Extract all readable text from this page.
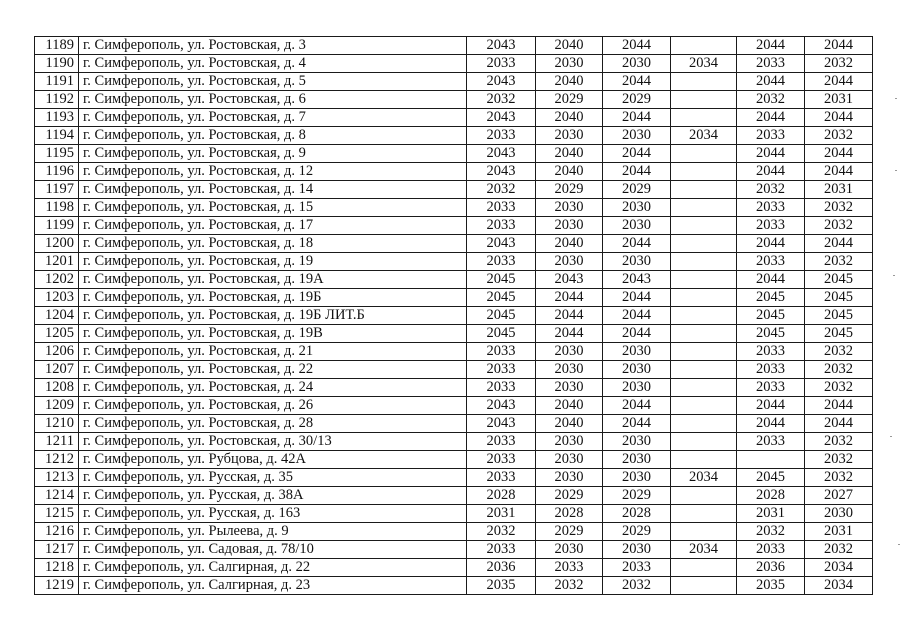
1189	г. Симферополь, ул. Ростовская, д. 3	2043	2040	2044		2044	2044
1190	г. Симферополь, ул. Ростовская, д. 4	2033	2030	2030	2034	2033	2032
1191	г. Симферополь, ул. Ростовская, д. 5	2043	2040	2044		2044	2044
1192	г. Симферополь, ул. Ростовская, д. 6	2032	2029	2029		2032	2031
1193	г. Симферополь, ул. Ростовская, д. 7	2043	2040	2044		2044	2044
1194	г. Симферополь, ул. Ростовская, д. 8	2033	2030	2030	2034	2033	2032
1195	г. Симферополь, ул. Ростовская, д. 9	2043	2040	2044		2044	2044
1196	г. Симферополь, ул. Ростовская, д. 12	2043	2040	2044		2044	2044
1197	г. Симферополь, ул. Ростовская, д. 14	2032	2029	2029		2032	2031
1198	г. Симферополь, ул. Ростовская, д. 15	2033	2030	2030		2033	2032
1199	г. Симферополь, ул. Ростовская, д. 17	2033	2030	2030		2033	2032
1200	г. Симферополь, ул. Ростовская, д. 18	2043	2040	2044		2044	2044
1201	г. Симферополь, ул. Ростовская, д. 19	2033	2030	2030		2033	2032
1202	г. Симферополь, ул. Ростовская, д. 19А	2045	2043	2043		2044	2045
1203	г. Симферополь, ул. Ростовская, д. 19Б	2045	2044	2044		2045	2045
1204	г. Симферополь, ул. Ростовская, д. 19Б ЛИТ.Б	2045	2044	2044		2045	2045
1205	г. Симферополь, ул. Ростовская, д. 19В	2045	2044	2044		2045	2045
1206	г. Симферополь, ул. Ростовская, д. 21	2033	2030	2030		2033	2032
1207	г. Симферополь, ул. Ростовская, д. 22	2033	2030	2030		2033	2032
1208	г. Симферополь, ул. Ростовская, д. 24	2033	2030	2030		2033	2032
1209	г. Симферополь, ул. Ростовская, д. 26	2043	2040	2044		2044	2044
1210	г. Симферополь, ул. Ростовская, д. 28	2043	2040	2044		2044	2044
1211	г. Симферополь, ул. Ростовская, д. 30/13	2033	2030	2030		2033	2032
1212	г. Симферополь, ул. Рубцова, д. 42А	2033	2030	2030			2032
1213	г. Симферополь, ул. Русская, д. 35	2033	2030	2030	2034	2045	2032
1214	г. Симферополь, ул. Русская, д. 38А	2028	2029	2029		2028	2027
1215	г. Симферополь, ул. Русская, д. 163	2031	2028	2028		2031	2030
1216	г. Симферополь, ул. Рылеева, д. 9	2032	2029	2029		2032	2031
1217	г. Симферополь, ул. Садовая, д. 78/10	2033	2030	2030	2034	2033	2032
1218	г. Симферополь, ул. Салгирная, д. 22	2036	2033	2033		2036	2034
1219	г. Симферополь, ул. Салгирная, д. 23	2035	2032	2032		2035	2034
